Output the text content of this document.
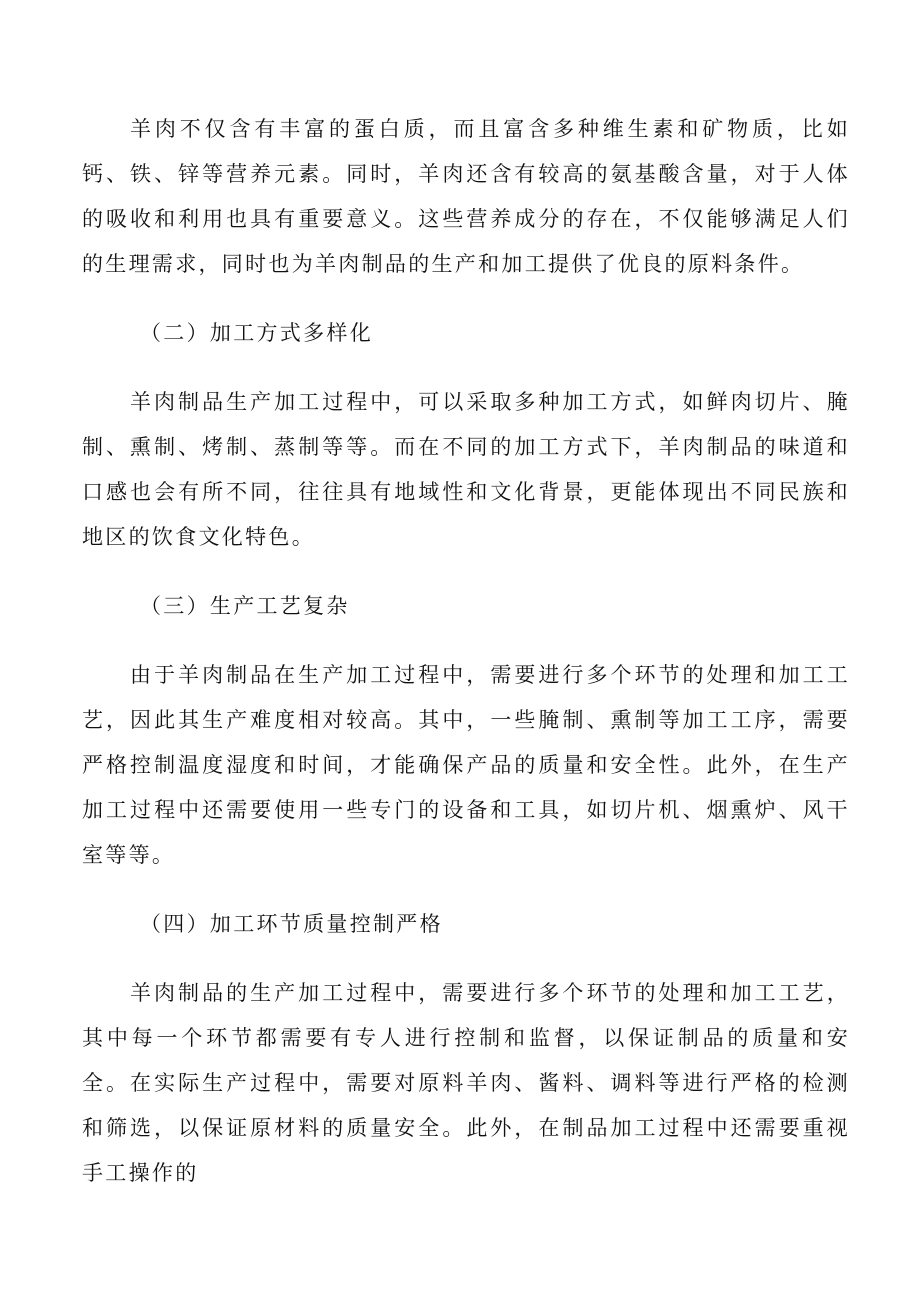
羊肉不仅含有丰富的蛋白质，而且富含多种维生素和矿物质，比如钙、铁、锌等营养元素。同时，羊肉还含有较高的氨基酸含量，对于人体的吸收和利用也具有重要意义。这些营养成分的存在，不仅能够满足人们的生理需求，同时也为羊肉制品的生产和加工提供了优良的原料条件。

（二）加工方式多样化

羊肉制品生产加工过程中，可以采取多种加工方式，如鲜肉切片、腌制、熏制、烤制、蒸制等等。而在不同的加工方式下，羊肉制品的味道和口感也会有所不同，往往具有地域性和文化背景，更能体现出不同民族和地区的饮食文化特色。

（三）生产工艺复杂

由于羊肉制品在生产加工过程中，需要进行多个环节的处理和加工工艺，因此其生产难度相对较高。其中，一些腌制、熏制等加工工序，需要严格控制温度湿度和时间，才能确保产品的质量和安全性。此外，在生产加工过程中还需要使用一些专门的设备和工具，如切片机、烟熏炉、风干室等等。

（四）加工环节质量控制严格

羊肉制品的生产加工过程中，需要进行多个环节的处理和加工工艺，其中每一个环节都需要有专人进行控制和监督，以保证制品的质量和安全。在实际生产过程中，需要对原料羊肉、酱料、调料等进行严格的检测和筛选，以保证原材料的质量安全。此外，在制品加工过程中还需要重视手工操作的
